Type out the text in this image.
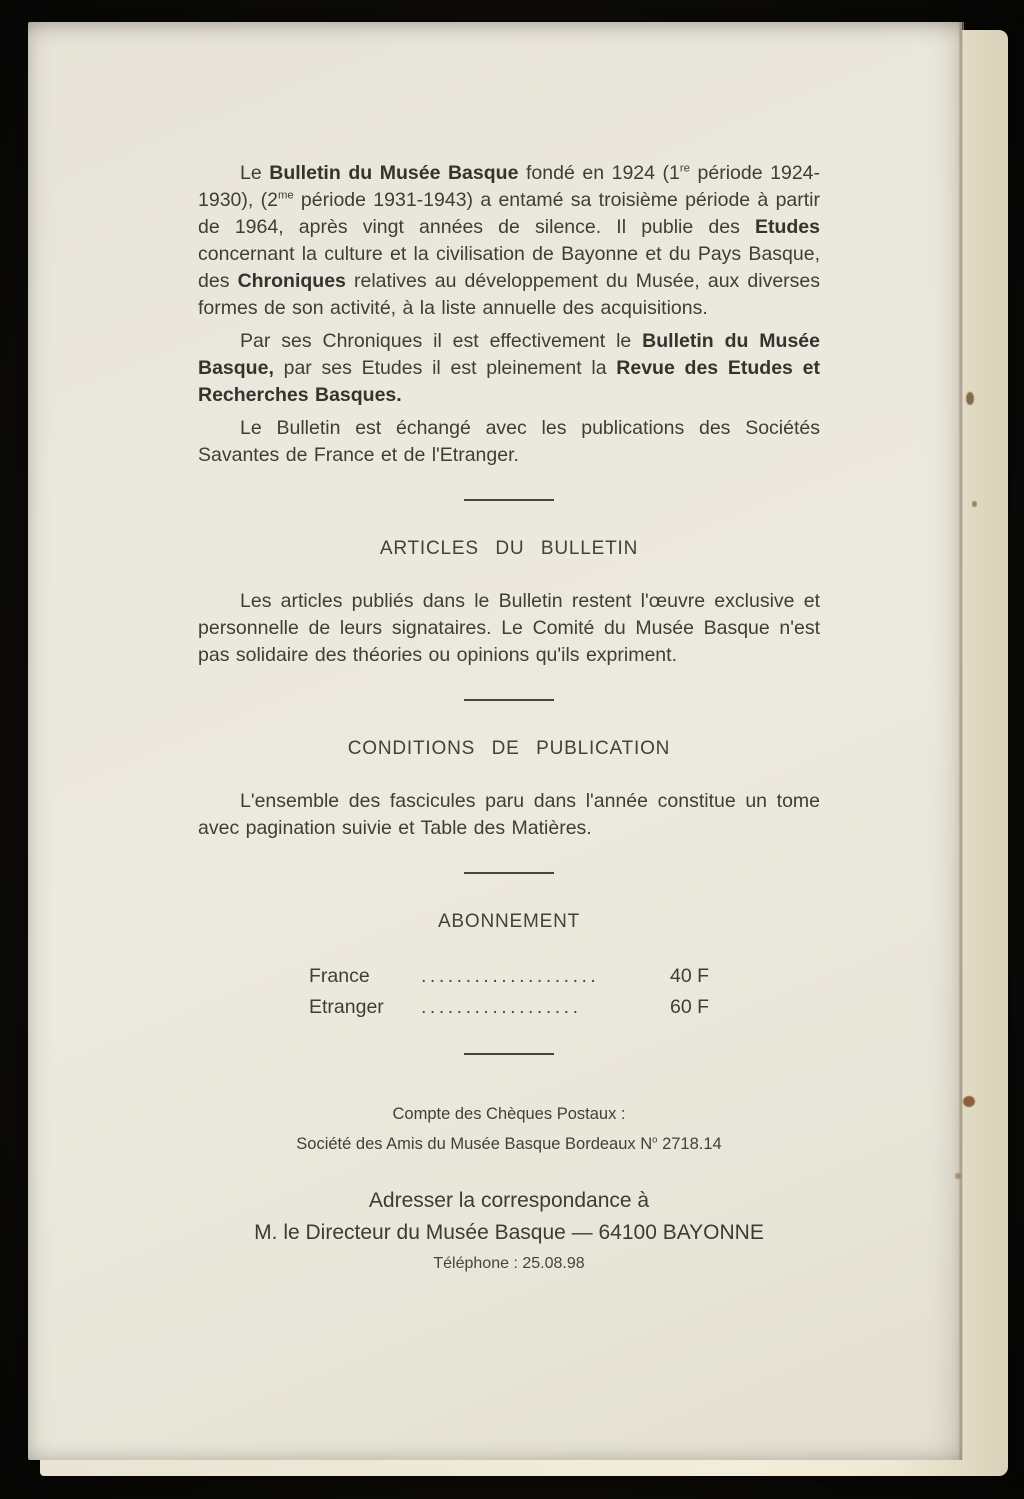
Le Bulletin du Musée Basque fondé en 1924 (1re période 1924-1930), ($2^{me}$ période 1931-1943) a entamé sa troisième période à partir de 1964, après vingt années de silence. Il publie des Etudes concernant la culture et la civilisation de Bayonne et du Pays Basque, des Chroniques relatives au développement du Musée, aux diverses formes de son activité, à la liste annuelle des acquisitions.

Par ses Chroniques il est effectivement le Bulletin du Musée Basque, par ses Etudes il est pleinement la Revue des Etudes et Recherches Basques.

Le Bulletin est échangé avec les publications des Sociétés Savantes de France et de l'Etranger.

ARTICLES DU BULLETIN

Les articles publiés dans le Bulletin restent l'œuvre exclusive et personnelle de leurs signataires. Le Comité du Musée Basque n'est pas solidaire des théories ou opinions qu'ils expriment.

CONDITIONS DE PUBLICATION

L'ensemble des fascicules paru dans l'année constitue un tome avec pagination suivie et Table des Matières.

ABONNEMENT
France	....................	40 F
Etranger	..................	60 F

Compte des Chèques Postaux :

Société des Amis du Musée Basque Bordeaux $N^o$ 2718.14

Adresser la correspondance à

M. le Directeur du Musée Basque — 64100 BAYONNE

Téléphone : 25.08.98
